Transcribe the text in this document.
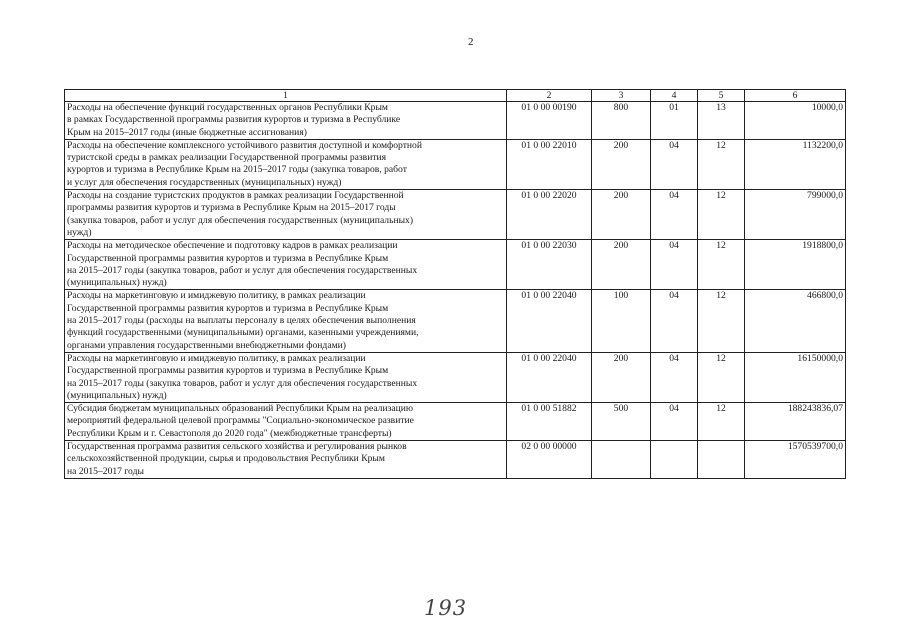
2
1	2	3	4	5	6

Расходы на обеспечение функций государственных органов Республики Крым
в рамках Государственной программы развития курортов и туризма в Республике
Крым на 2015–2017 годы (иные бюджетные ассигнования)	01 0 00 00190	800	01	13	10000,0

Расходы на обеспечение комплексного устойчивого развития доступной и комфортной
туристской среды в рамках реализации Государственной программы развития
курортов и туризма в Республике Крым на 2015–2017 годы (закупка товаров, работ
и услуг для обеспечения государственных (муниципальных) нужд)	01 0 00 22010	200	04	12	1132200,0

Расходы на создание туристских продуктов в рамках реализации Государственной
программы развития курортов и туризма в Республике Крым на 2015–2017 годы
(закупка товаров, работ и услуг для обеспечения государственных (муниципальных)
нужд)	01 0 00 22020	200	04	12	799000,0

Расходы на методическое обеспечение и подготовку кадров в рамках реализации
Государственной программы развития курортов и туризма в Республике Крым
на 2015–2017 годы (закупка товаров, работ и услуг для обеспечения государственных
(муниципальных) нужд)	01 0 00 22030	200	04	12	1918800,0

Расходы на маркетинговую и имиджевую политику, в рамках реализации
Государственной программы развития курортов и туризма в Республике Крым
на 2015–2017 годы (расходы на выплаты персоналу в целях обеспечения выполнения
функций государственными (муниципальными) органами, казенными учреждениями,
органами управления государственными внебюджетными фондами)	01 0 00 22040	100	04	12	466800,0

Расходы на маркетинговую и имиджевую политику, в рамках реализации
Государственной программы развития курортов и туризма в Республике Крым
на 2015–2017 годы (закупка товаров, работ и услуг для обеспечения государственных
(муниципальных) нужд)	01 0 00 22040	200	04	12	16150000,0

Субсидия бюджетам муниципальных образований Республики Крым на реализацию
мероприятий федеральной целевой программы "Социально-экономическое развитие
Республики Крым и г. Севастополя до 2020 года" (межбюджетные трансферты)	01 0 00 51882	500	04	12	188243836,07

Государственная программа развития сельского хозяйства и регулирования рынков
сельскохозяйственной продукции, сырья и продовольствия Республики Крым
на 2015–2017 годы	02 0 00 00000				1570539700,0
193
